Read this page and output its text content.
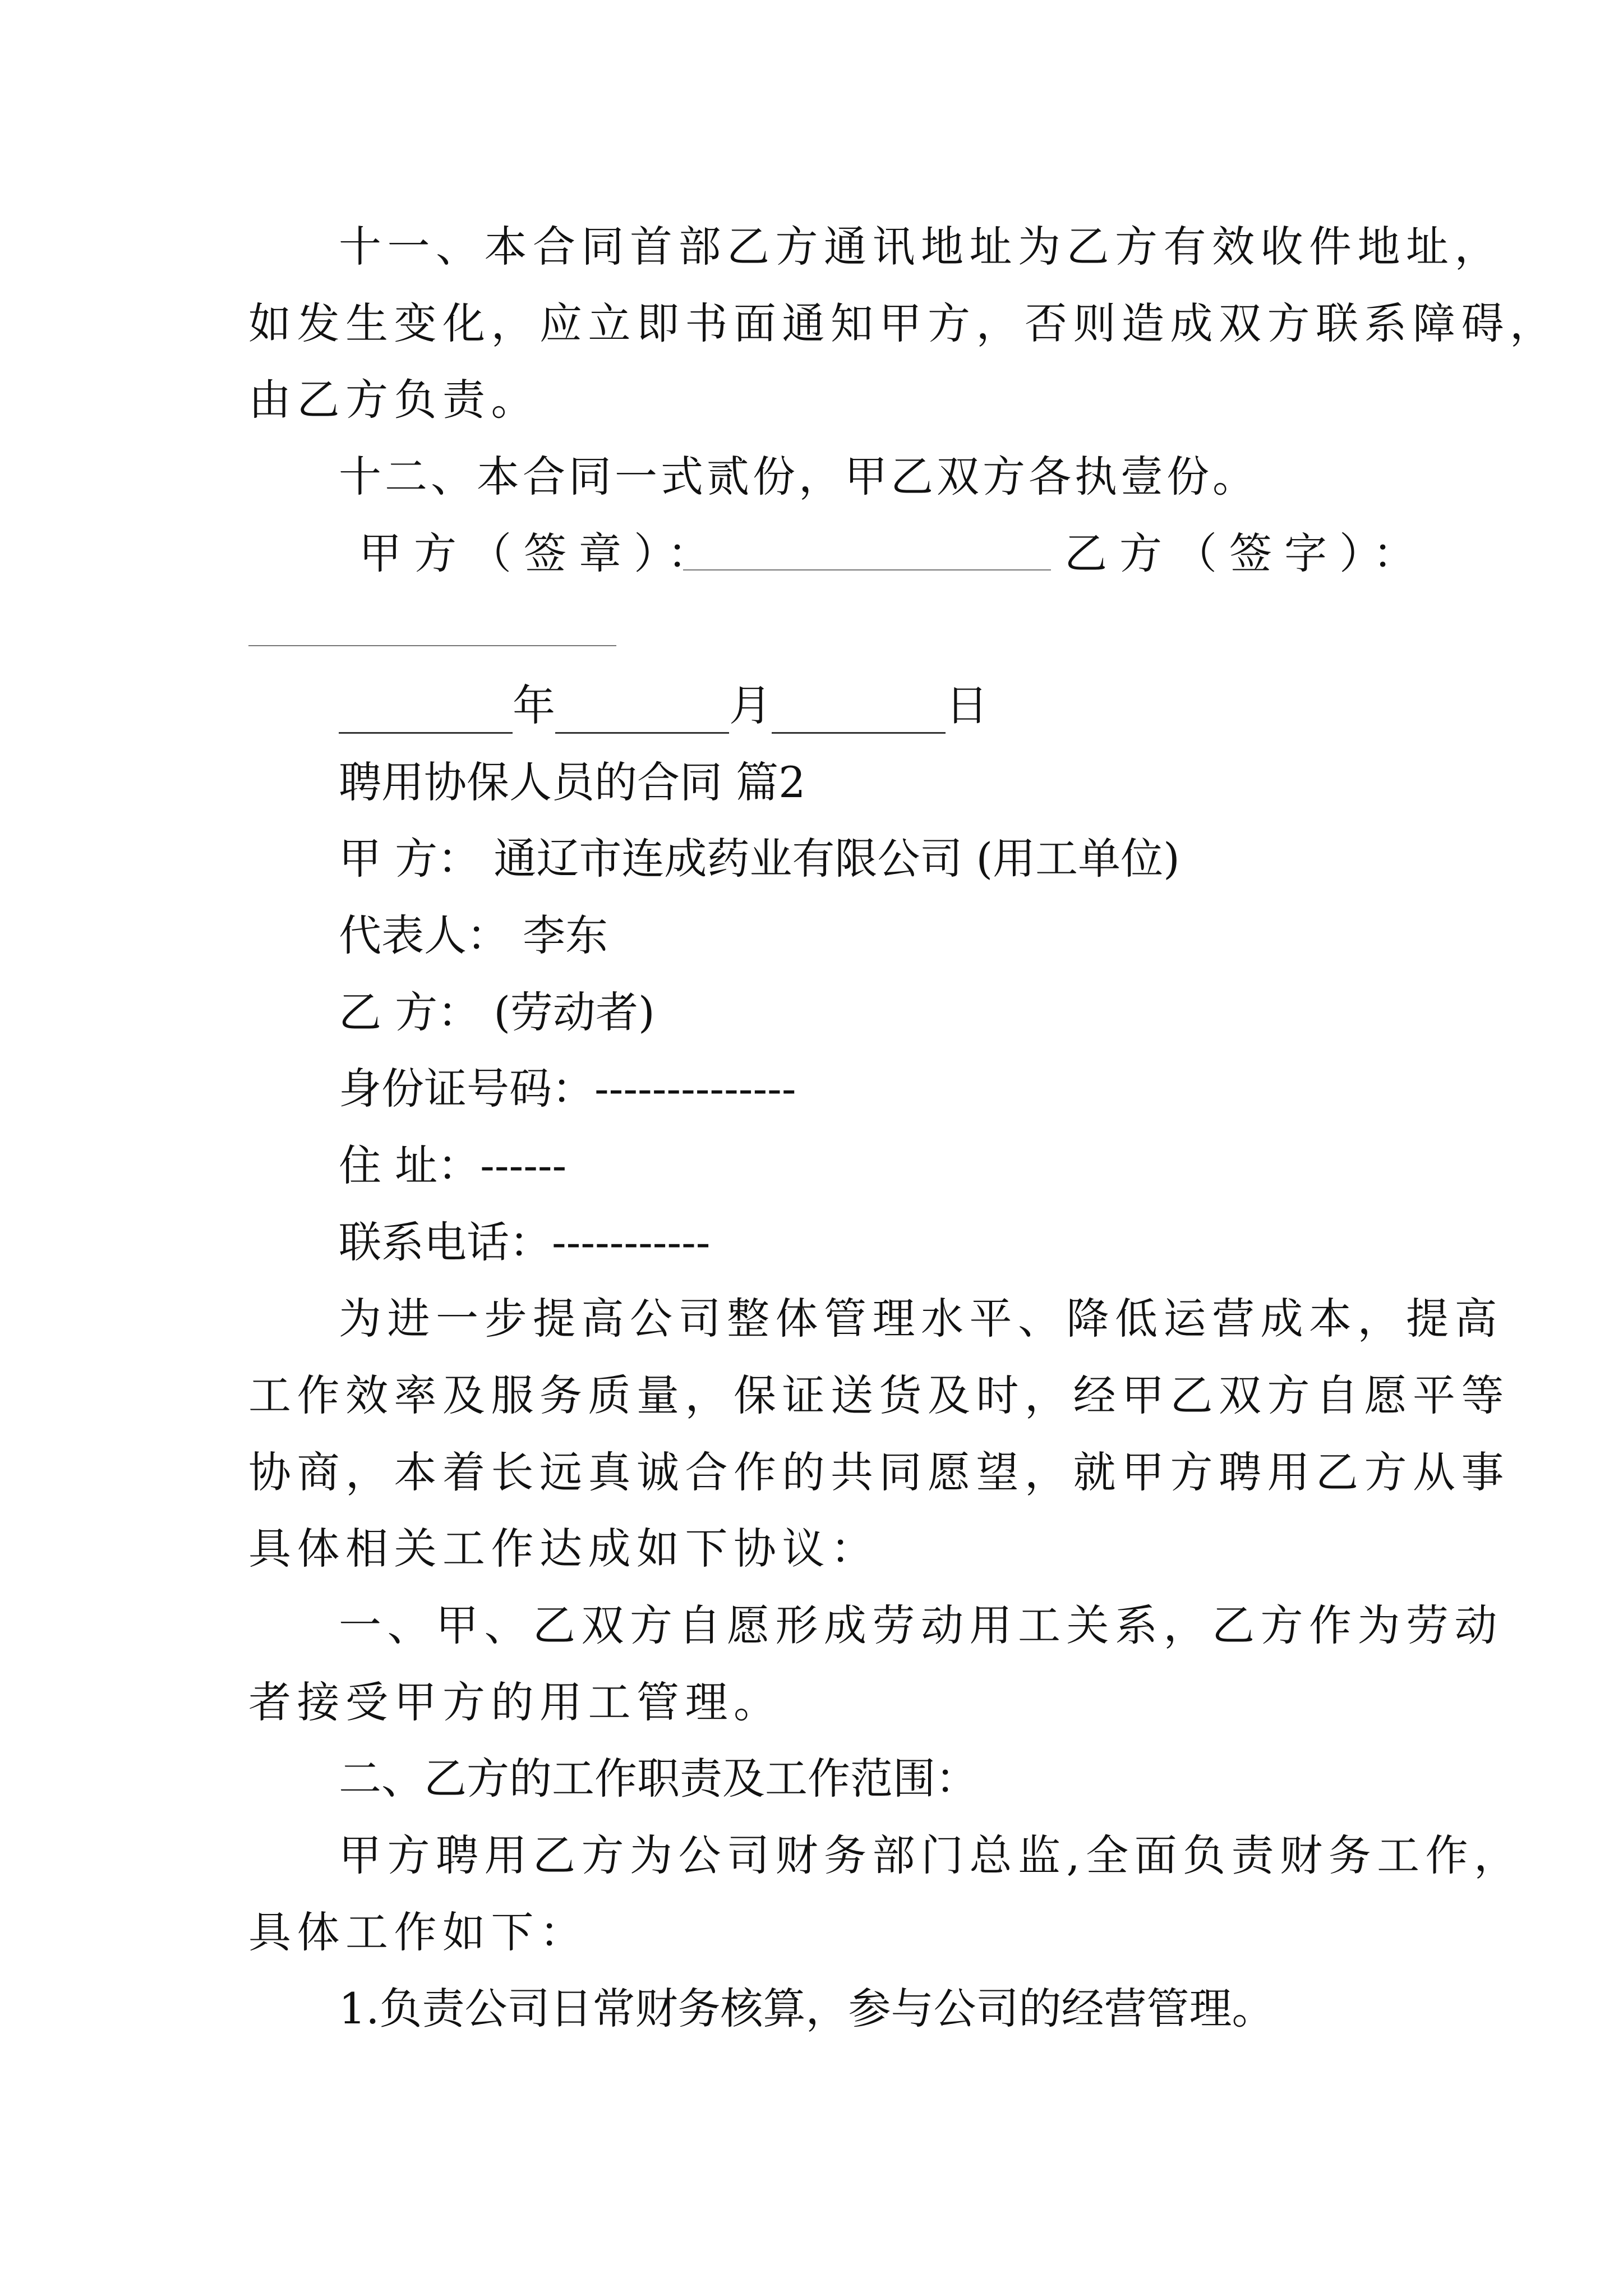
十一、本合同首部乙方通讯地址为乙方有效收件地址，
如发生变化，应立即书面通知甲方，否则造成双方联系障碍，
由乙方负责。
十二、本合同一式贰份，甲乙双方各执壹份。
甲方（签章）：	乙方（签字）：
年	月	日
聘用协保人员的合同 篇2
甲 方： 通辽市连成药业有限公司 (用工单位)
代表人： 李东
乙 方： (劳动者)
身份证号码：--------------
住 址：------
联系电话：-----------
为进一步提高公司整体管理水平、降低运营成本，提高
工作效率及服务质量，保证送货及时，经甲乙双方自愿平等
协商，本着长远真诚合作的共同愿望，就甲方聘用乙方从事
具体相关工作达成如下协议：
一、甲、乙双方自愿形成劳动用工关系，乙方作为劳动
者接受甲方的用工管理。
二、乙方的工作职责及工作范围：
甲方聘用乙方为公司财务部门总监,全面负责财务工作，
具体工作如下：
1.负责公司日常财务核算，参与公司的经营管理。
